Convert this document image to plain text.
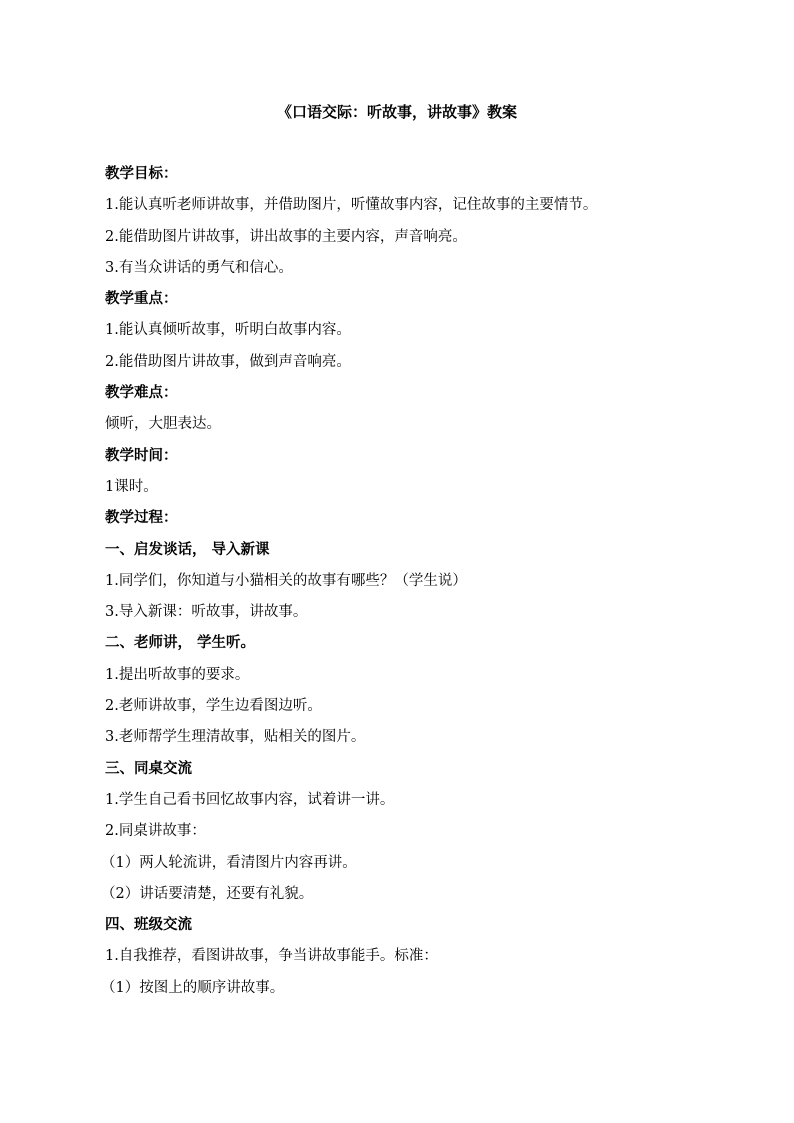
《口语交际：听故事，讲故事》教案
教学目标：
1.能认真听老师讲故事，并借助图片，听懂故事内容，记住故事的主要情节。
2.能借助图片讲故事，讲出故事的主要内容，声音响亮。
3.有当众讲话的勇气和信心。
教学重点：
1.能认真倾听故事，听明白故事内容。
2.能借助图片讲故事，做到声音响亮。
教学难点：
倾听，大胆表达。
教学时间：
1课时。
教学过程：
一、启发谈话， 导入新课
1.同学们，你知道与小猫相关的故事有哪些？（学生说）
3.导入新课：听故事，讲故事。
二、老师讲， 学生听。
1.提出听故事的要求。
2.老师讲故事，学生边看图边听。
3.老师帮学生理清故事，贴相关的图片。
三、同桌交流
1.学生自己看书回忆故事内容，试着讲一讲。
2.同桌讲故事：
（1）两人轮流讲，看清图片内容再讲。
（2）讲话要清楚，还要有礼貌。
四、班级交流
1.自我推荐，看图讲故事，争当讲故事能手。标准：
（1）按图上的顺序讲故事。
